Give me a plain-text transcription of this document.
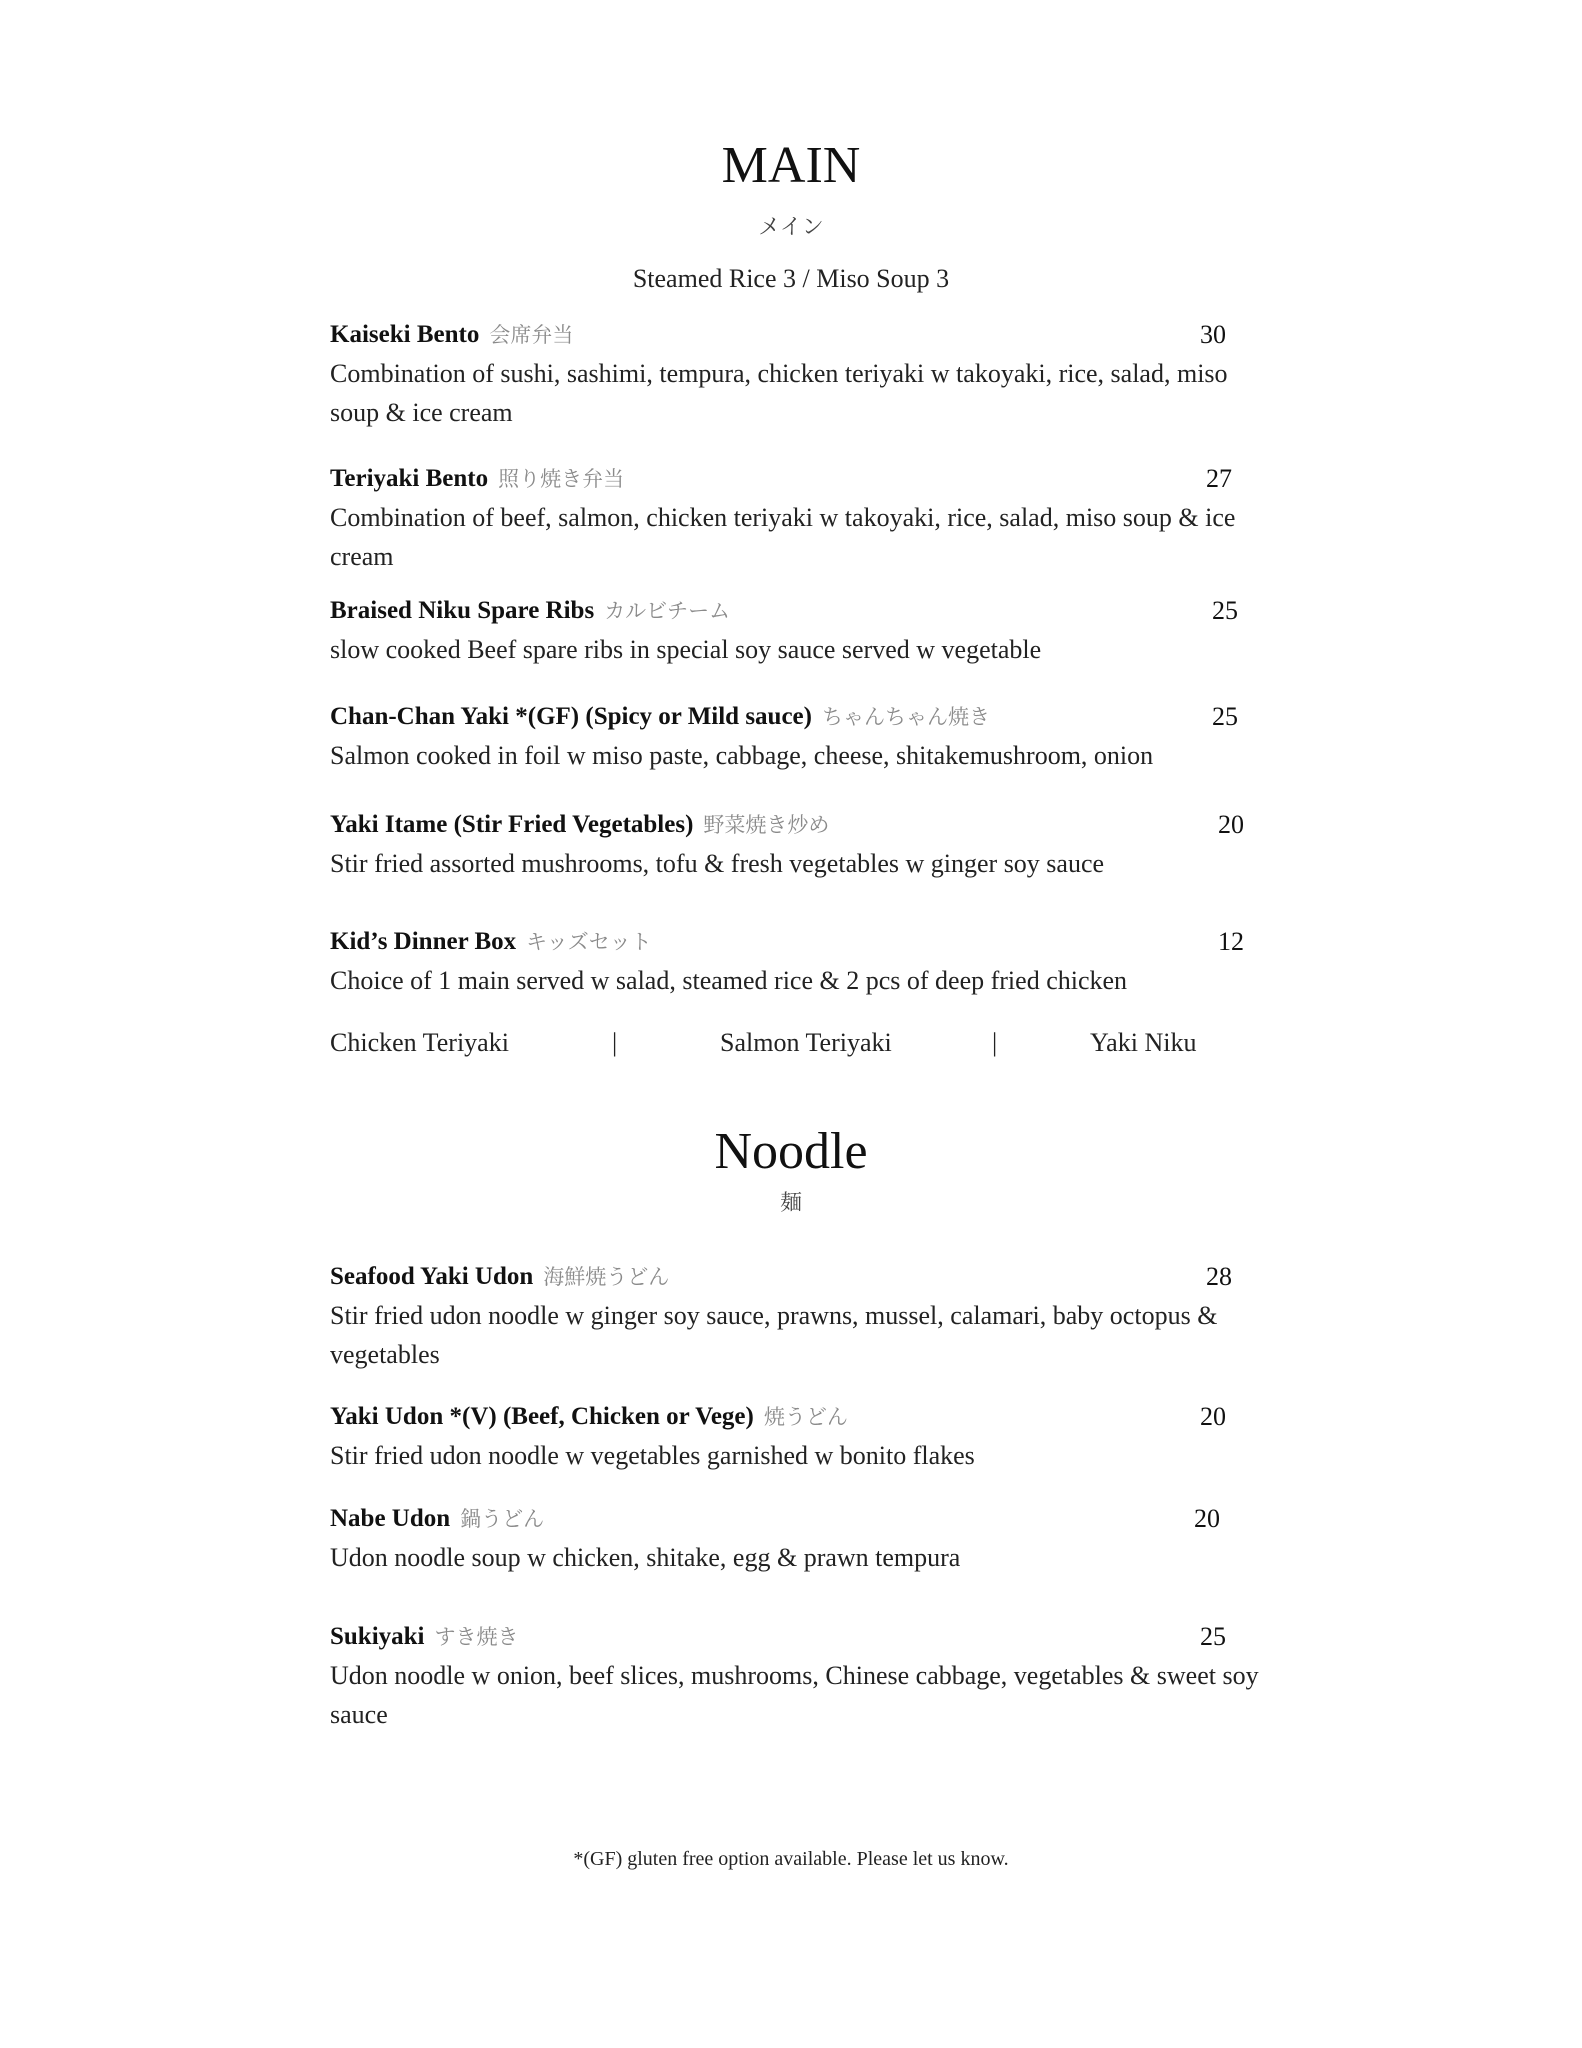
MAIN
メイン
Steamed Rice 3 / Miso Soup 3
Kaiseki Bento 会席弁当	30

Combination of sushi, sashimi, tempura, chicken teriyaki w takoyaki, rice, salad, miso soup & ice cream

Teriyaki Bento 照り焼き弁当	27

Combination of beef, salmon, chicken teriyaki w takoyaki, rice, salad, miso soup & ice cream

Braised Niku Spare Ribs カルビチーム	25

slow cooked Beef spare ribs in special soy sauce served w vegetable

Chan-Chan Yaki *(GF) (Spicy or Mild sauce) ちゃんちゃん焼き	25

Salmon cooked in foil w miso paste, cabbage, cheese, shitakemushroom, onion

Yaki Itame (Stir Fried Vegetables) 野菜焼き炒め	20

Stir fried assorted mushrooms, tofu & fresh vegetables w ginger soy sauce

Kid’s Dinner Box キッズセット	12

Choice of 1 main served w salad, steamed rice & 2 pcs of deep fried chicken

Chicken Teriyaki	|	Salmon Teriyaki	|	Yaki Niku
Noodle
麺
Seafood Yaki Udon 海鮮焼うどん	28

Stir fried udon noodle w ginger soy sauce, prawns, mussel, calamari, baby octopus & vegetables

Yaki Udon *(V) (Beef, Chicken or Vege) 焼うどん	20

Stir fried udon noodle w vegetables garnished w bonito flakes

Nabe Udon 鍋うどん	20

Udon noodle soup w chicken, shitake, egg & prawn tempura

Sukiyaki すき焼き	25

Udon noodle w onion, beef slices, mushrooms, Chinese cabbage, vegetables & sweet soy sauce

*(GF) gluten free option available. Please let us know.
